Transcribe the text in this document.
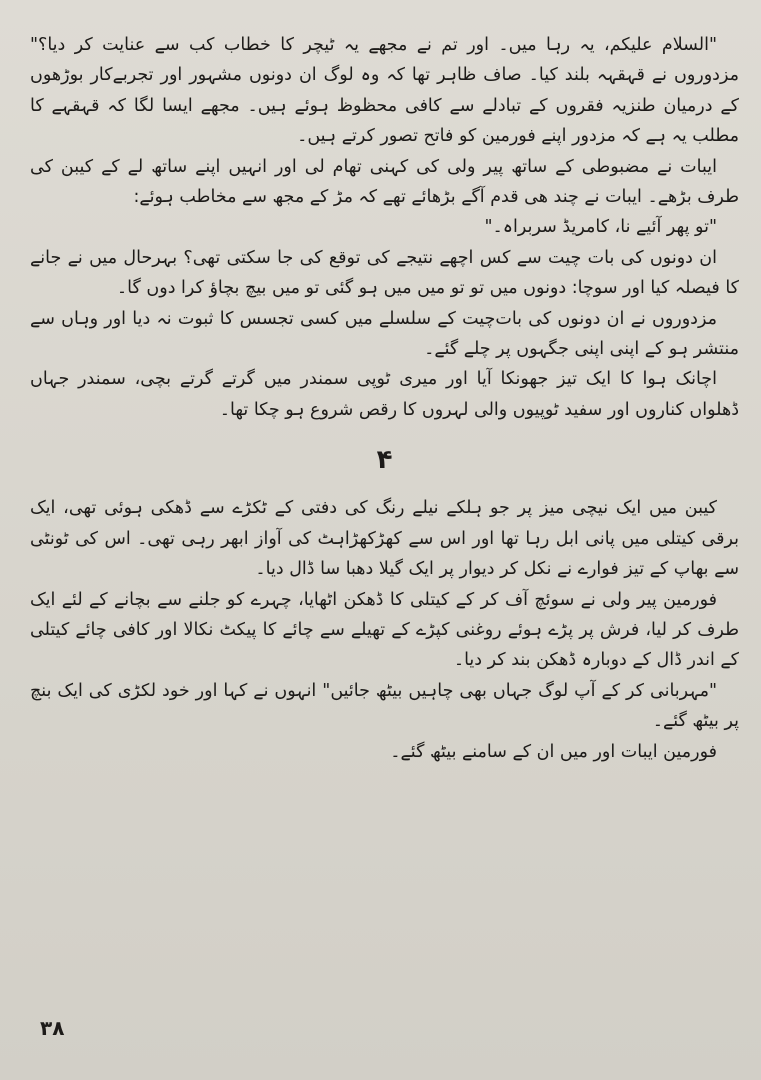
"السلام علیکم، یہ رہا میں۔ اور تم نے مجھے یہ ٹیچر کا خطاب کب سے عنایت کر دیا؟" مزدوروں نے قہقہہ بلند کیا۔ صاف ظاہر تھا کہ وہ لوگ ان دونوں مشہور اور تجربےکار بوڑھوں کے درمیان طنزیہ فقروں کے تبادلے سے کافی محظوظ ہوئے ہیں۔ مجھے ایسا لگا کہ قہقہے کا مطلب یہ ہے کہ مزدور اپنے فورمین کو فاتح تصور کرتے ہیں۔

ایبات نے مضبوطی کے ساتھ پیر ولی کی کہنی تھام لی اور انہیں اپنے ساتھ لے کے کیبن کی طرف بڑھے۔ ایبات نے چند ھی قدم آگے بڑھائے تھے کہ مڑ کے مجھ سے مخاطب ہوئے:

"تو پھر آئیے نا، کامریڈ سربراہ۔"

ان دونوں کی بات چیت سے کس اچھے نتیجے کی توقع کی جا سکتی تھی؟ بہرحال میں نے جانے کا فیصلہ کیا اور سوچا: دونوں میں تو تو میں میں ہو گئی تو میں بیچ بچاؤ کرا دوں گا۔

مزدوروں نے ان دونوں کی بات‌چیت کے سلسلے میں کسی تجسس کا ثبوت نہ دیا اور وہاں سے منتشر ہو کے اپنی اپنی جگہوں پر چلے گئے۔

اچانک ہوا کا ایک تیز جھونکا آیا اور میری ٹوپی سمندر میں گرتے گرتے بچی، سمندر جہاں ڈھلواں کناروں اور سفید ٹوپیوں والی لہروں کا رقص شروع ہو چکا تھا۔

۴

کیبن میں ایک نیچی میز پر جو ہلکے نیلے رنگ کی دفتی کے ٹکڑے سے ڈھکی ہوئی تھی، ایک برقی کیتلی میں پانی ابل رہا تھا اور اس سے کھڑکھڑاہٹ کی آواز ابھر رہی تھی۔ اس کی ٹونٹی سے بھاپ کے تیز فوارے نے نکل کر دیوار پر ایک گیلا دھبا سا ڈال دیا۔

فورمین پیر ولی نے سوئچ آف کر کے کیتلی کا ڈھکن اٹھایا، چہرے کو جلنے سے بچانے کے لئے ایک طرف کر لیا، فرش پر پڑے ہوئے روغنی کپڑے کے تھیلے سے چائے کا پیکٹ نکالا اور کافی چائے کیتلی کے اندر ڈال کے دوبارہ ڈھکن بند کر دیا۔

"مہربانی کر کے آپ لوگ جہاں بھی چاہیں بیٹھ جائیں" انہوں نے کہا اور خود لکڑی کی ایک بنچ پر بیٹھ گئے۔

فورمین ایبات اور میں ان کے سامنے بیٹھ گئے۔

۳۸
